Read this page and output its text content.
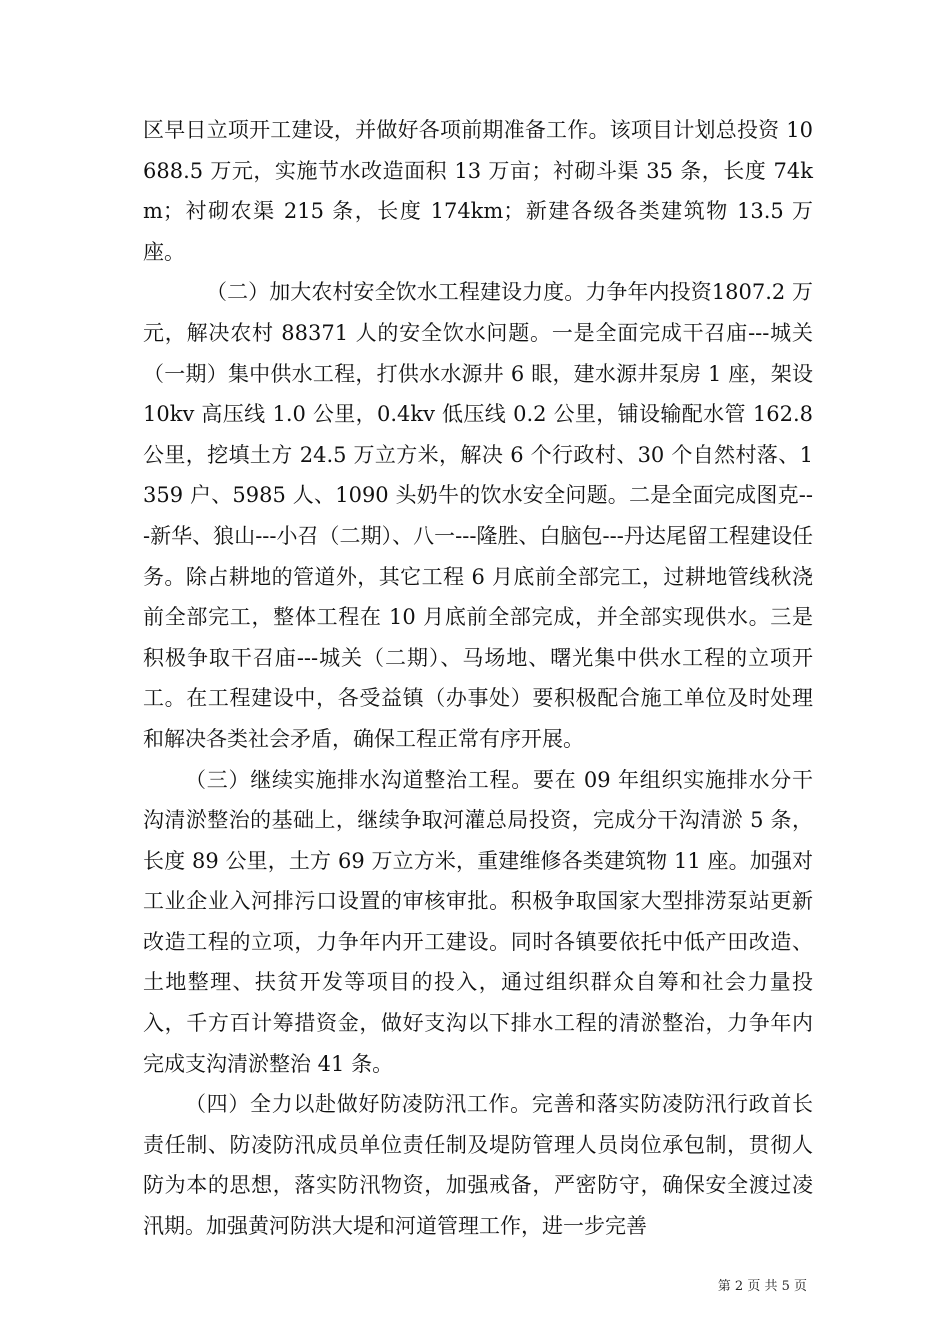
区早日立项开工建设，并做好各项前期准备工作。该项目计划总投资 10688.5 万元，实施节水改造面积 13 万亩；衬砌斗渠 35 条，长度 74km；衬砌农渠 215 条，长度 174km；新建各级各类建筑物 13.5 万座。

（二）加大农村安全饮水工程建设力度。力争年内投资1807.2 万元，解决农村 88371 人的安全饮水问题。一是全面完成干召庙---城关（一期）集中供水工程，打供水水源井 6 眼，建水源井泵房 1 座，架设 10kv 高压线 1.0 公里，0.4kv 低压线 0.2 公里，铺设输配水管 162.8 公里，挖填土方 24.5 万立方米，解决 6 个行政村、30 个自然村落、1359 户、5985 人、1090 头奶牛的饮水安全问题。二是全面完成图克---新华、狼山---小召（二期）、八一---隆胜、白脑包---丹达尾留工程建设任务。除占耕地的管道外，其它工程 6 月底前全部完工，过耕地管线秋浇前全部完工，整体工程在 10 月底前全部完成，并全部实现供水。三是积极争取干召庙---城关（二期）、马场地、曙光集中供水工程的立项开工。在工程建设中，各受益镇（办事处）要积极配合施工单位及时处理和解决各类社会矛盾，确保工程正常有序开展。

（三）继续实施排水沟道整治工程。要在 09 年组织实施排水分干沟清淤整治的基础上，继续争取河灌总局投资，完成分干沟清淤 5 条，长度 89 公里，土方 69 万立方米，重建维修各类建筑物 11 座。加强对工业企业入河排污口设置的审核审批。积极争取国家大型排涝泵站更新改造工程的立项，力争年内开工建设。同时各镇要依托中低产田改造、土地整理、扶贫开发等项目的投入，通过组织群众自筹和社会力量投入，千方百计筹措资金，做好支沟以下排水工程的清淤整治，力争年内完成支沟清淤整治 41 条。

（四）全力以赴做好防凌防汛工作。完善和落实防凌防汛行政首长责任制、防凌防汛成员单位责任制及堤防管理人员岗位承包制，贯彻人防为本的思想，落实防汛物资，加强戒备，严密防守，确保安全渡过凌汛期。加强黄河防洪大堤和河道管理工作，进一步完善

第 2 页 共 5 页
